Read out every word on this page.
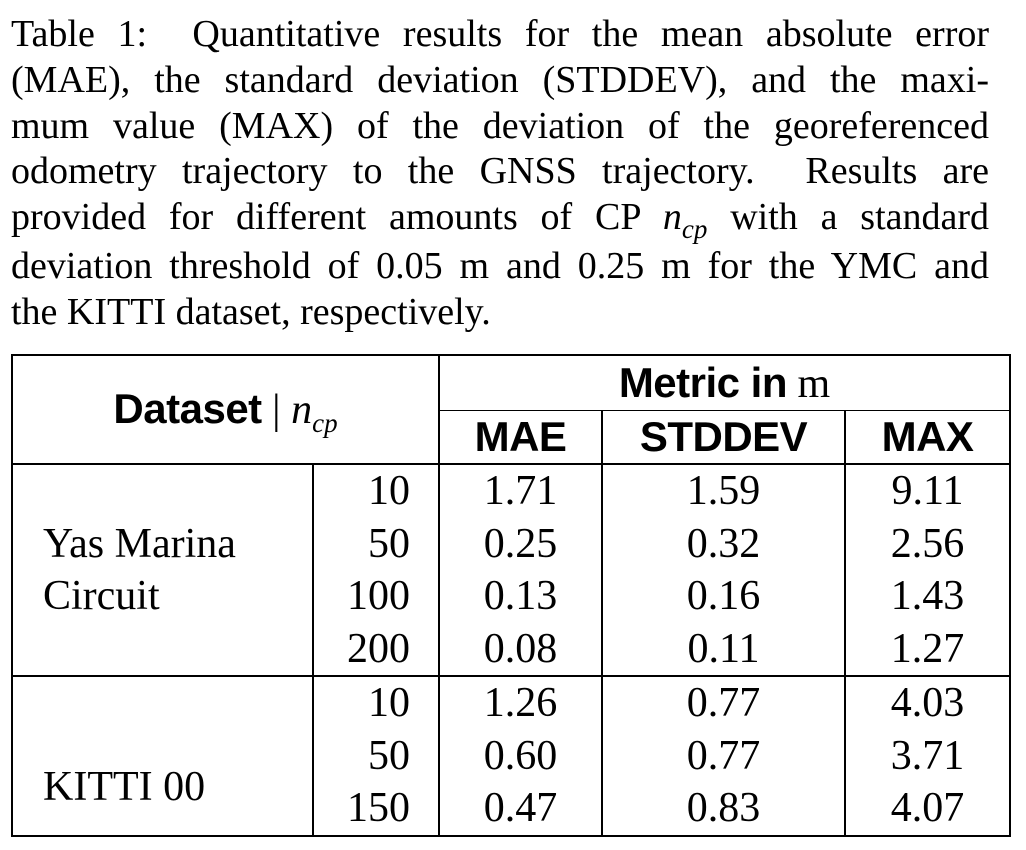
Table 1:  Quantitative results for the mean absolute error
(MAE), the standard deviation (STDDEV), and the maxi-
mum value (MAX) of the deviation of the georeferenced
odometry trajectory to the GNSS trajectory.  Results are
provided for different amounts of CP $n_{cp}$ with a standard
deviation threshold of 0.05 m and 0.25 m for the YMC and
the KITTI dataset, respectively.
Dataset | $n_{cp}$		Metric in m		
		MAE	STDDEV	MAX
Yas Marina
Circuit	10	1.71	1.59	9.11
	50	0.25	0.32	2.56
	100	0.13	0.16	1.43
	200	0.08	0.11	1.27
KITTI 00	10	1.26	0.77	4.03
	50	0.60	0.77	3.71
	150	0.47	0.83	4.07
